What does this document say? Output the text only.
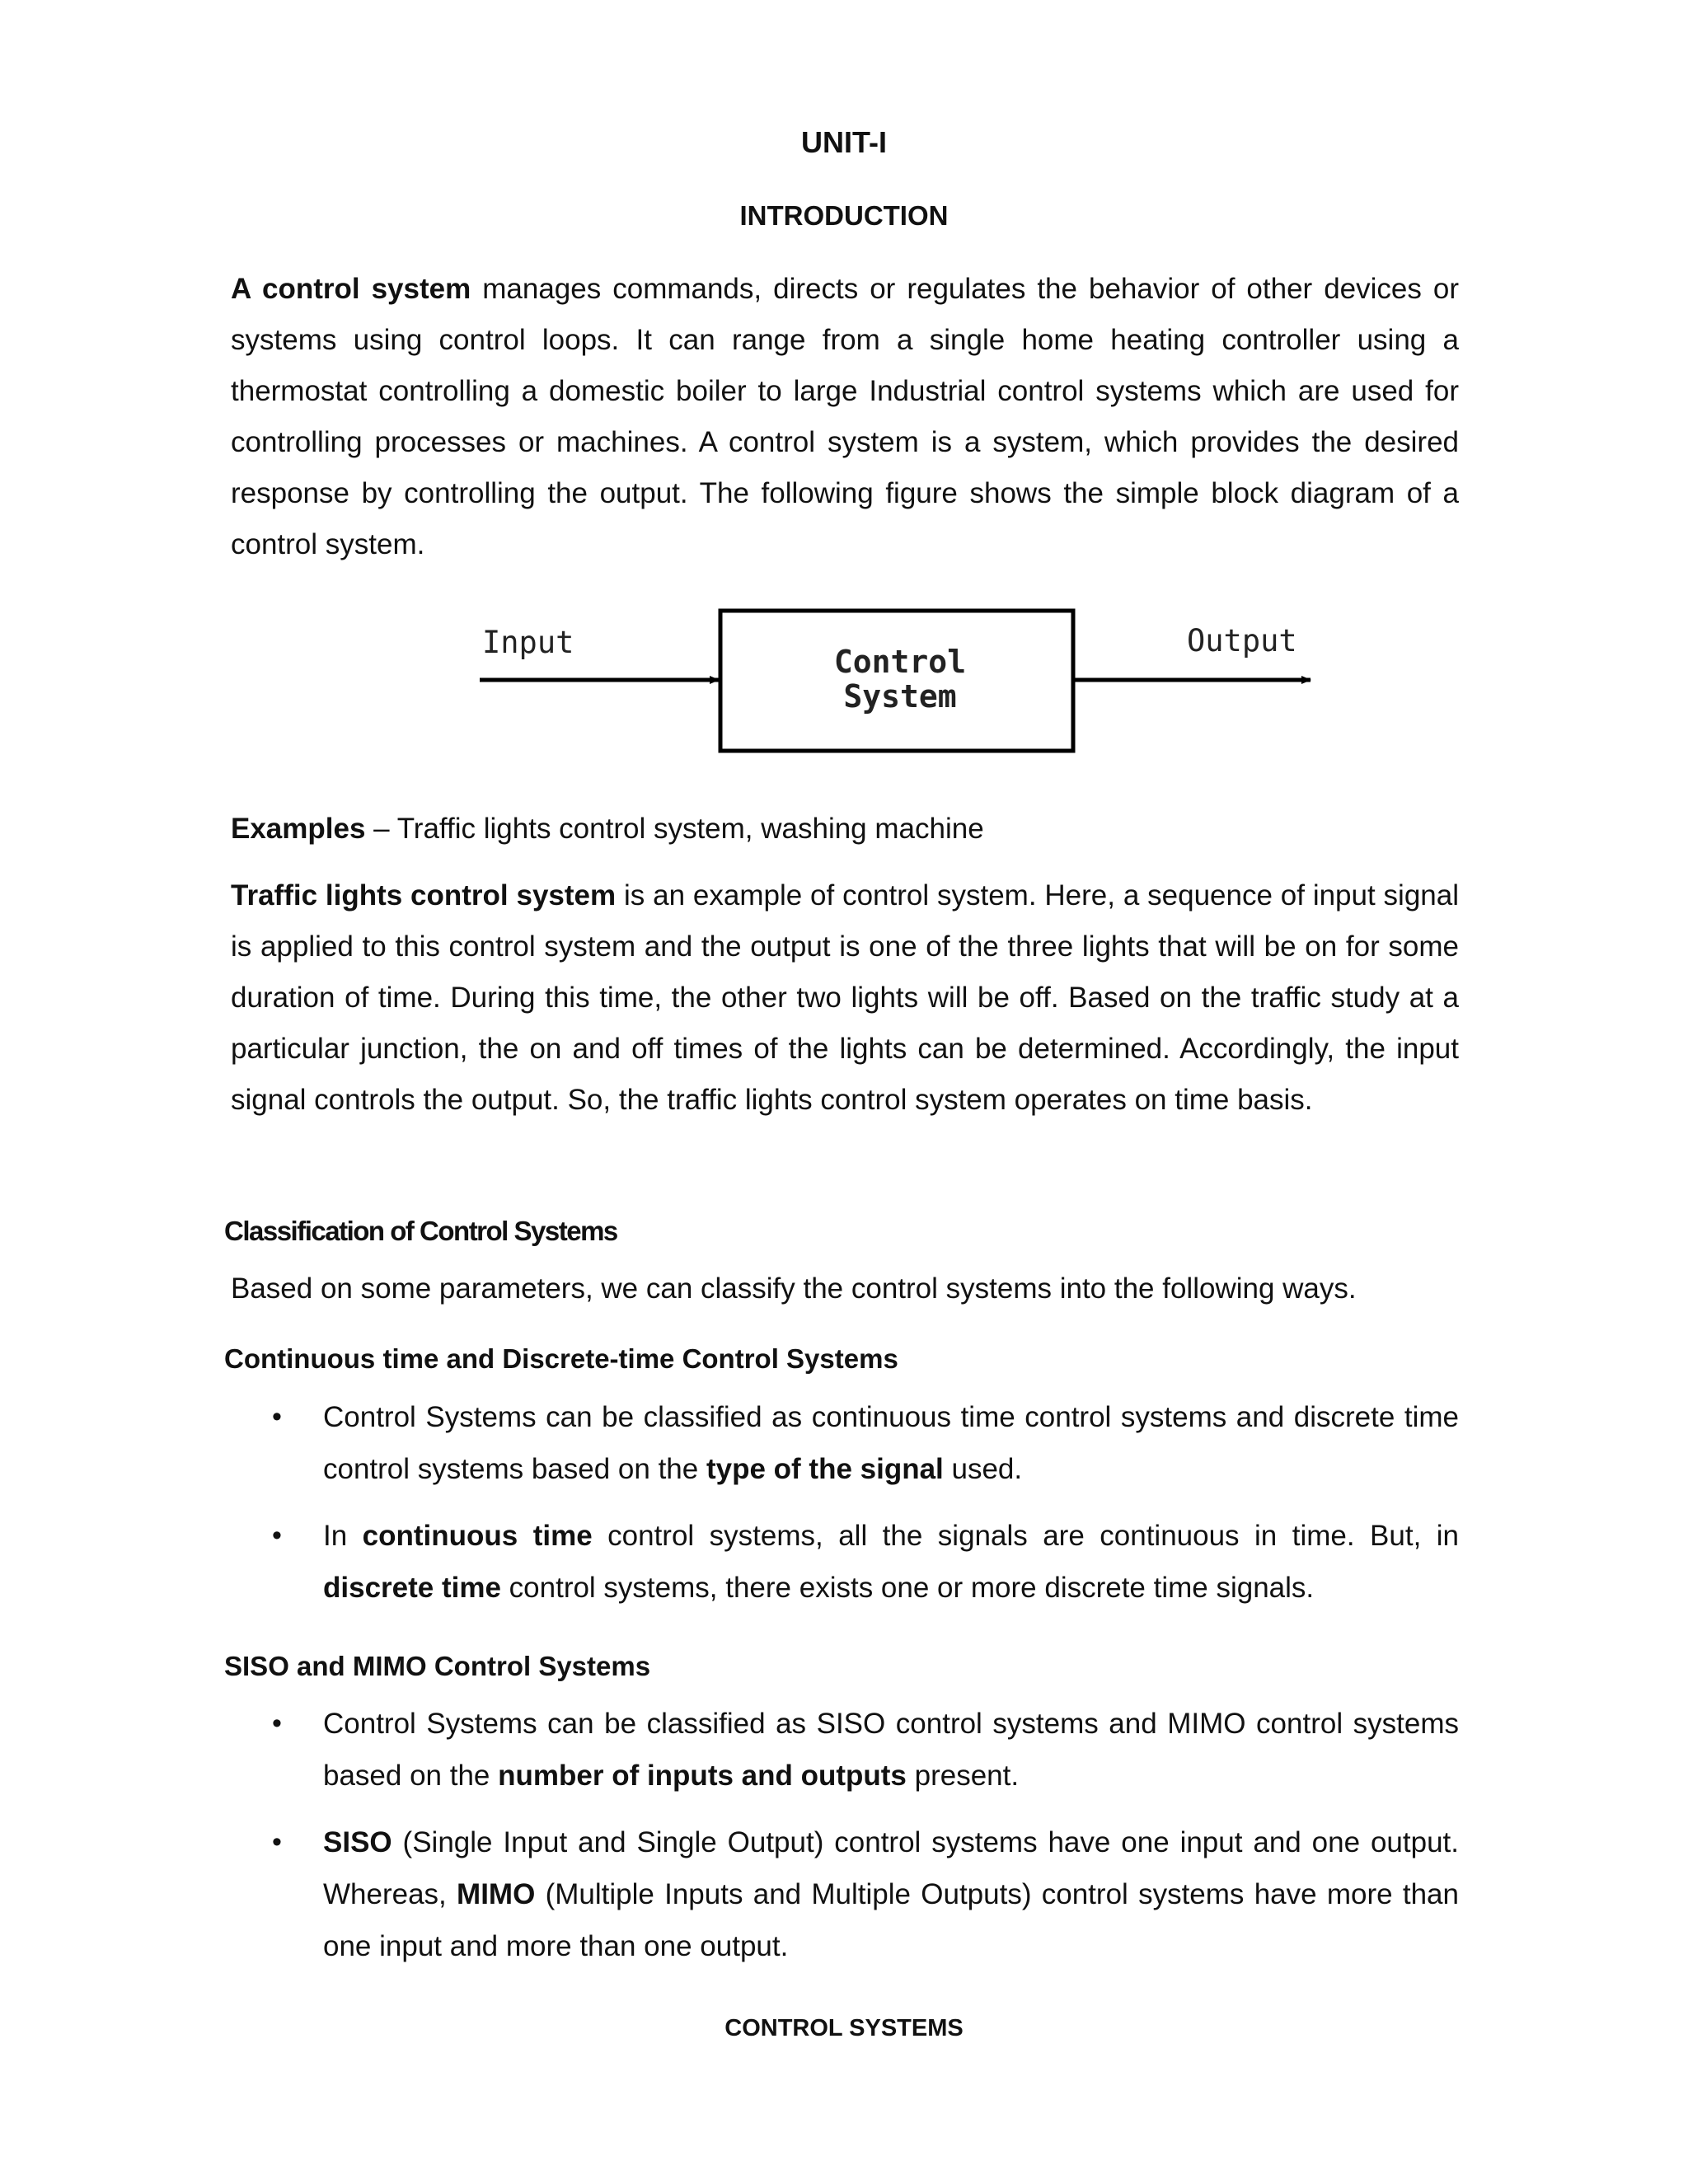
UNIT-I
INTRODUCTION

A control system manages commands, directs or regulates the behavior of other devices or systems using control loops. It can range from a single home heating controller using a thermostat controlling a domestic boiler to large Industrial control systems which are used for controlling processes or machines. A control system is a system, which provides the desired response by controlling the output. The following figure shows the simple block diagram of a control system.

Input
Control
System
Output

Examples – Traffic lights control system, washing machine

Traffic lights control system is an example of control system. Here, a sequence of input signal is applied to this control system and the output is one of the three lights that will be on for some duration of time. During this time, the other two lights will be off. Based on the traffic study at a particular junction, the on and off times of the lights can be determined. Accordingly, the input signal controls the output. So, the traffic lights control system operates on time basis.

Classification of Control Systems

Based on some parameters, we can classify the control systems into the following ways.

Continuous time and Discrete-time Control Systems
• Control Systems can be classified as continuous time control systems and discrete time control systems based on the type of the signal used.
• In continuous time control systems, all the signals are continuous in time. But, in discrete time control systems, there exists one or more discrete time signals.
SISO and MIMO Control Systems
• Control Systems can be classified as SISO control systems and MIMO control systems based on the number of inputs and outputs present.
• SISO (Single Input and Single Output) control systems have one input and one output. Whereas, MIMO (Multiple Inputs and Multiple Outputs) control systems have more than one input and more than one output.
CONTROL SYSTEMS
